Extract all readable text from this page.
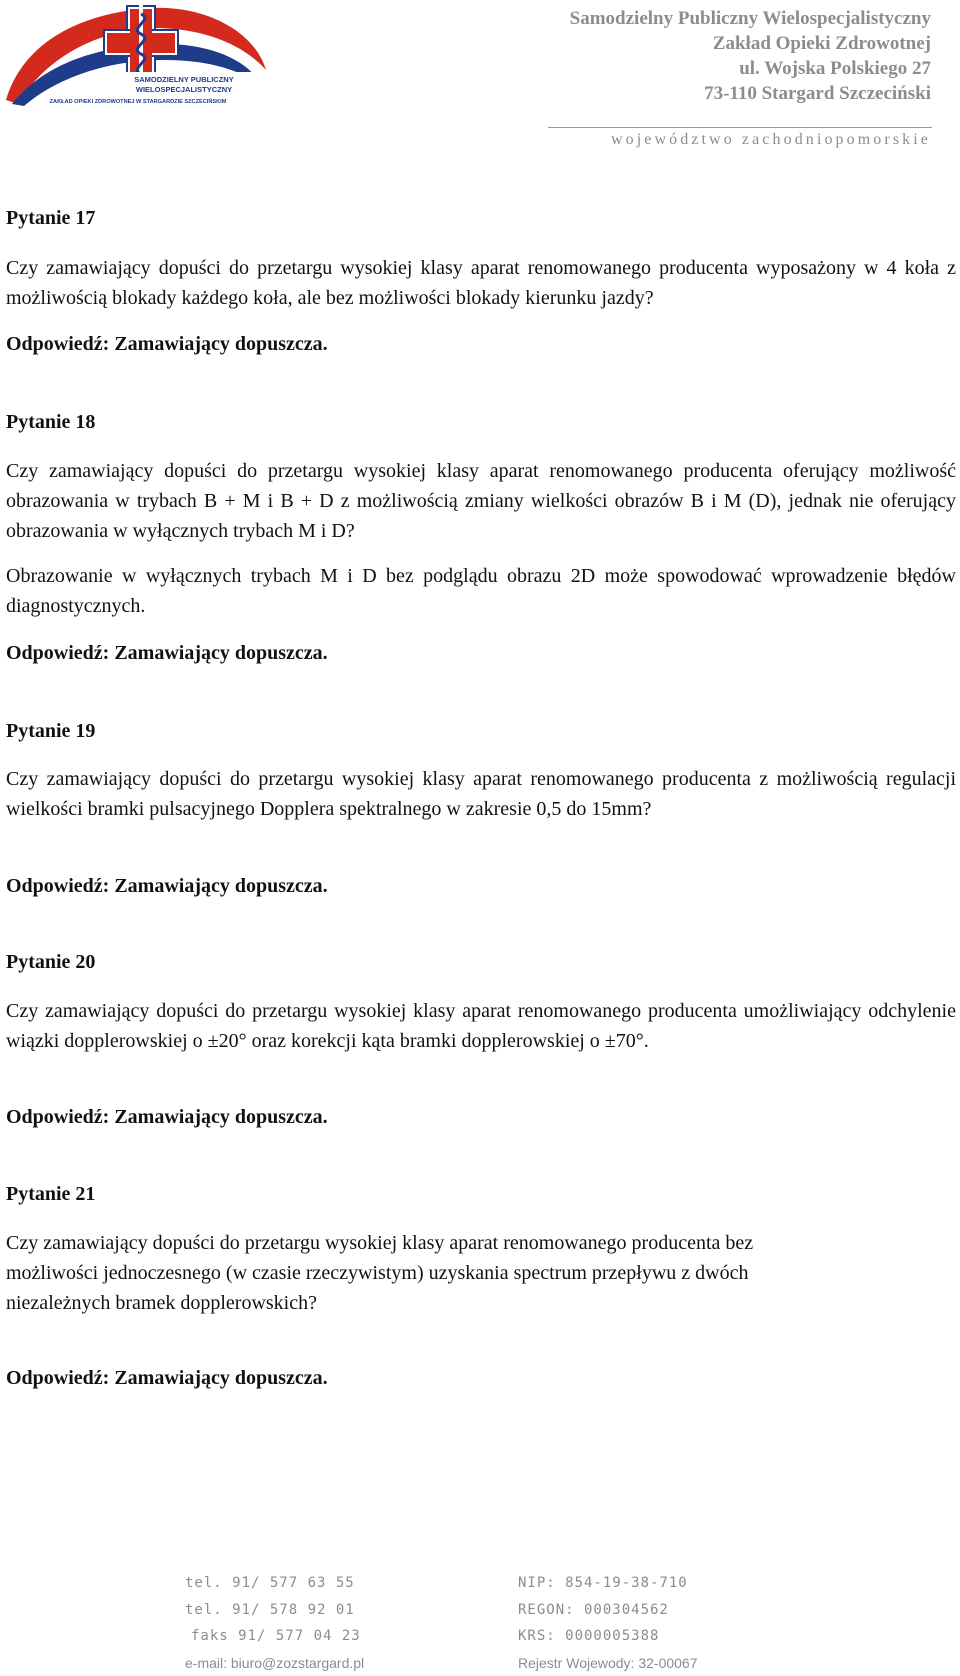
SAMODZIELNY PUBLICZNY
WIELOSPECJALISTYCZNY
ZAKŁAD OPIEKI ZDROWOTNEJ W STARGARDZIE SZCZECIŃSKIM
Samodzielny Publiczny Wielospecjalistyczny
Zakład Opieki Zdrowotnej
ul. Wojska Polskiego 27
73-110 Stargard Szczeciński
województwo zachodniopomorskie

Pytanie 17

Czy zamawiający dopuści do przetargu wysokiej klasy aparat renomowanego producenta wyposażony w 4 koła z możliwością blokady każdego koła, ale bez możliwości blokady kierunku jazdy?

Odpowiedź: Zamawiający dopuszcza.

Pytanie 18

Czy zamawiający dopuści do przetargu wysokiej klasy aparat renomowanego producenta oferujący możliwość obrazowania w trybach B + M i B + D z możliwością zmiany wielkości obrazów B i M (D), jednak nie oferujący obrazowania w wyłącznych trybach M i D?

Obrazowanie w wyłącznych trybach M i D bez podglądu obrazu 2D może spowodować wprowadzenie błędów diagnostycznych.

Odpowiedź: Zamawiający dopuszcza.

Pytanie 19

Czy zamawiający dopuści do przetargu wysokiej klasy aparat renomowanego producenta z możliwością regulacji wielkości bramki pulsacyjnego Dopplera spektralnego w zakresie 0,5 do 15mm?

Odpowiedź: Zamawiający dopuszcza.

Pytanie 20

Czy zamawiający dopuści do przetargu wysokiej klasy aparat renomowanego producenta umożliwiający odchylenie wiązki dopplerowskiej o ±20° oraz korekcji kąta bramki dopplerowskiej o ±70°.

Odpowiedź: Zamawiający dopuszcza.

Pytanie 21

Czy zamawiający dopuści do przetargu wysokiej klasy aparat renomowanego producenta bez możliwości jednoczesnego (w czasie rzeczywistym) uzyskania spectrum przepływu z dwóch niezależnych bramek dopplerowskich?

Odpowiedź: Zamawiający dopuszcza.

tel. 91/ 577 63 55
tel. 91/ 578 92 01
faks 91/ 577 04 23
e-mail: biuro@zozstargard.pl
NIP: 854-19-38-710
REGON: 000304562
KRS: 0000005388
Rejestr Wojewody: 32-00067
